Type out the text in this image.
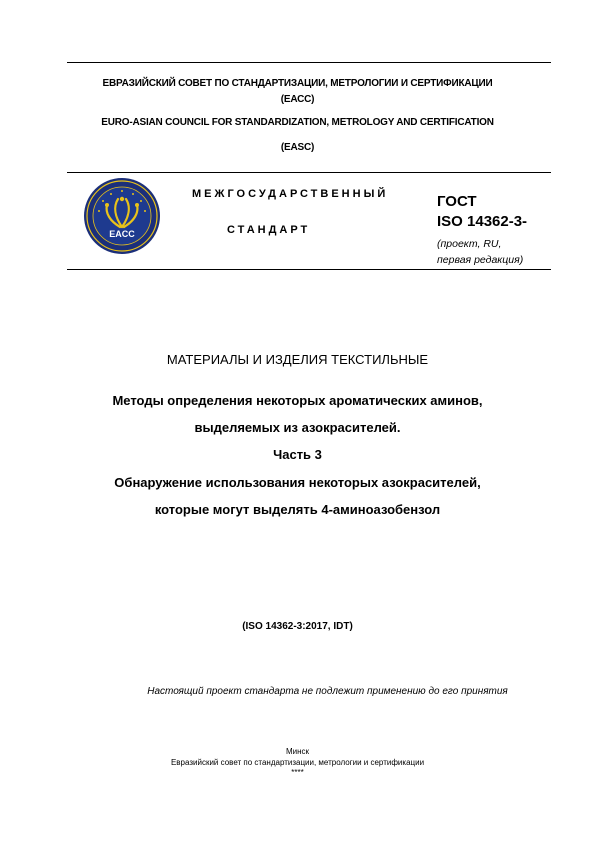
ЕВРАЗИЙСКИЙ СОВЕТ ПО СТАНДАРТИЗАЦИИ, МЕТРОЛОГИИ И СЕРТИФИКАЦИИ
(ЕАСС)
EURO-ASIAN COUNCIL FOR STANDARDIZATION, METROLOGY AND CERTIFICATION
(EASC)
EACC
МЕЖГОСУДАРСТВЕННЫЙ
СТАНДАРТ
ГОСТ
ISO 14362-3-
(проект, RU,
первая редакция)
МАТЕРИАЛЫ И ИЗДЕЛИЯ ТЕКСТИЛЬНЫЕ
Методы определения некоторых ароматических аминов,
выделяемых из азокрасителей.
Часть 3
Обнаружение использования некоторых азокрасителей,
которые могут выделять 4-аминоазобензол
(ISO 14362-3:2017, IDT)
Настоящий проект стандарта не подлежит применению до его принятия
Минск
Евразийский совет по стандартизации, метрологии и сертификации
****
